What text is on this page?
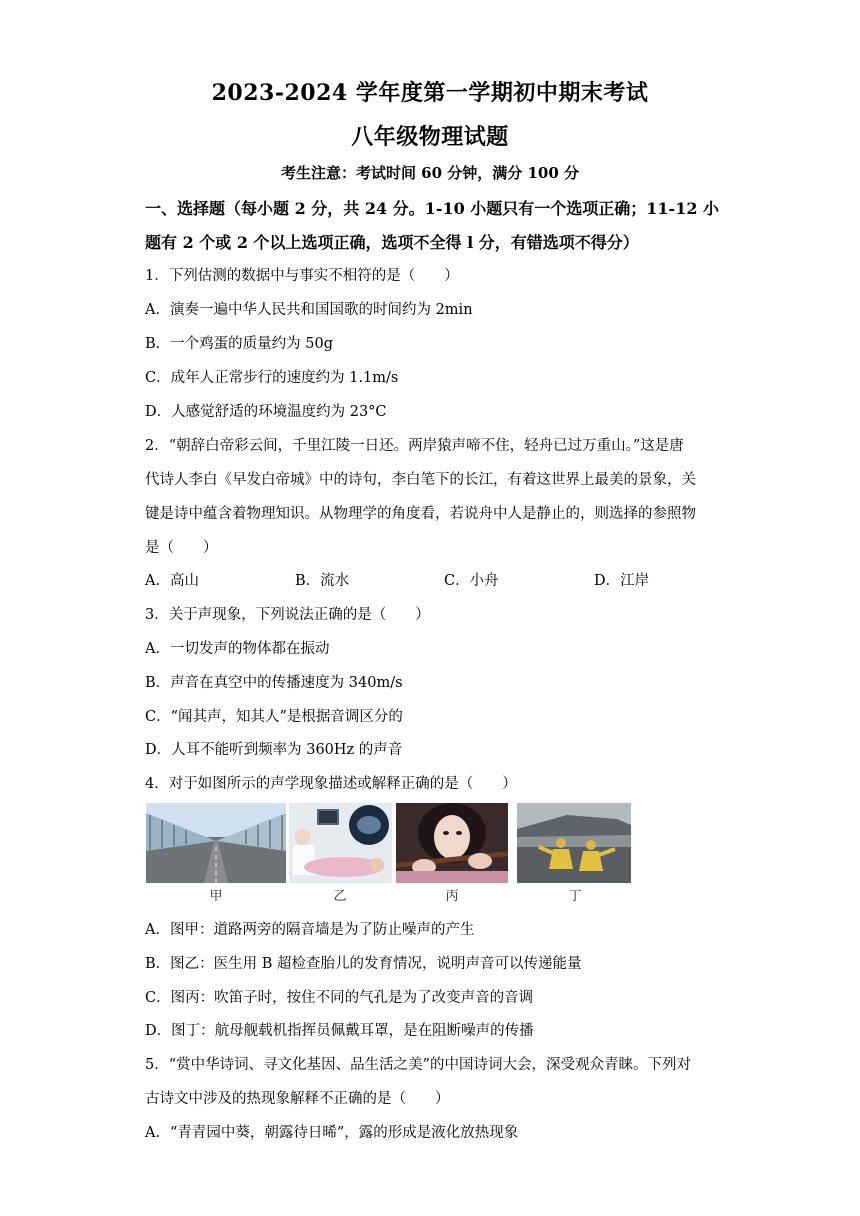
2023-2024 学年度第一学期初中期末考试
八年级物理试题
考生注意：考试时间 60 分钟，满分 100 分
一、选择题（每小题 2 分，共 24 分。1-10 小题只有一个选项正确；11-12 小
题有 2 个或 2 个以上选项正确，选项不全得 l 分，有错选项不得分）
1．下列估测的数据中与事实不相符的是（　　）
A．演奏一遍中华人民共和国国歌的时间约为 2min
B．一个鸡蛋的质量约为 50g
C．成年人正常步行的速度约为 1.1m/s
D．人感觉舒适的环境温度约为 23°C
2．“朝辞白帝彩云间，千里江陵一日还。两岸猿声啼不住，轻舟已过万重山。”这是唐
代诗人李白《早发白帝城》中的诗句，李白笔下的长江，有着这世界上最美的景象，关
键是诗中蕴含着物理知识。从物理学的角度看，若说舟中人是静止的，则选择的参照物
是（　　）
A．高山	B．流水	C．小舟	D．江岸
3．关于声现象，下列说法正确的是（　　）
A．一切发声的物体都在振动
B．声音在真空中的传播速度为 340m/s
C．“闻其声，知其人”是根据音调区分的
D．人耳不能听到频率为 360Hz 的声音
4．对于如图所示的声学现象描述或解释正确的是（　　）
甲	乙	丙	丁
A．图甲：道路两旁的隔音墙是为了防止噪声的产生
B．图乙：医生用 B 超检查胎儿的发育情况，说明声音可以传递能量
C．图丙：吹笛子时，按住不同的气孔是为了改变声音的音调
D．图丁：航母舰载机指挥员佩戴耳罩，是在阻断噪声的传播
5．“赏中华诗词、寻文化基因、品生活之美”的中国诗词大会，深受观众青睐。下列对
古诗文中涉及的热现象解释不正确的是（　　）
A．“青青园中葵，朝露待日晞”，露的形成是液化放热现象
